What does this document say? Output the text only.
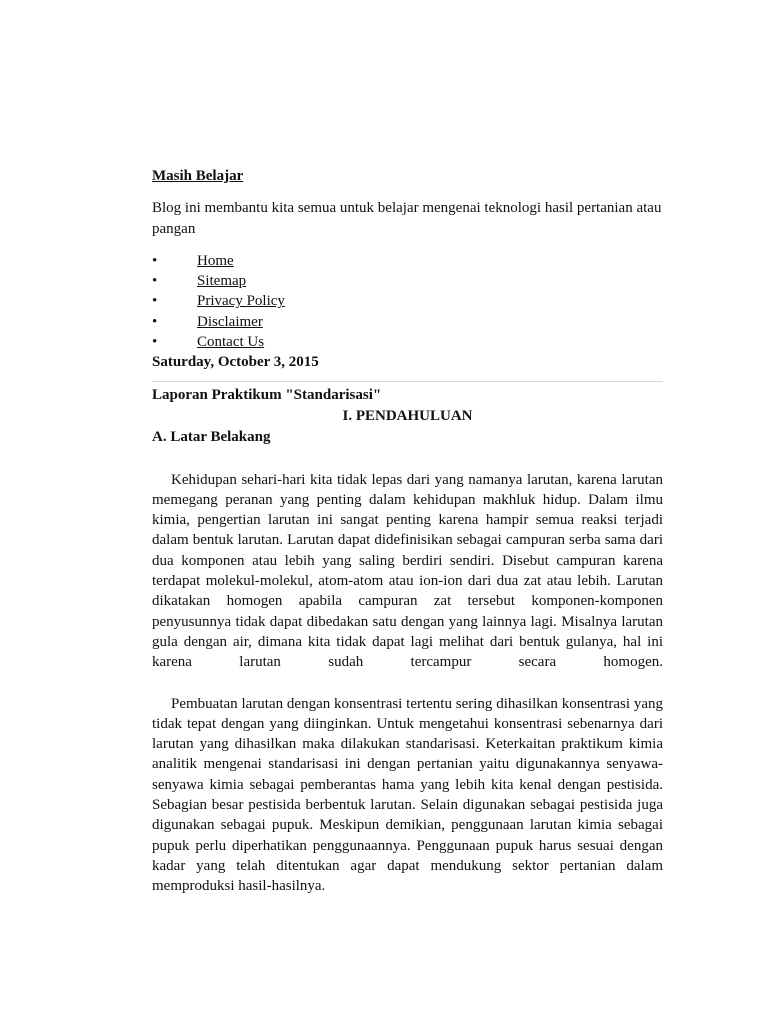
Masih Belajar
Blog ini membantu kita semua untuk belajar mengenai teknologi hasil pertanian atau pangan
•	Home
•	Sitemap
•	Privacy Policy
•	Disclaimer
•	Contact Us
Saturday, October 3, 2015
Laporan Praktikum "Standarisasi"
I. PENDAHULUAN
A. Latar Belakang

Kehidupan sehari-hari kita tidak lepas dari yang namanya larutan, karena larutan memegang peranan yang penting dalam kehidupan makhluk hidup. Dalam ilmu kimia, pengertian larutan ini sangat penting karena hampir semua reaksi terjadi dalam bentuk larutan. Larutan dapat didefinisikan sebagai campuran serba sama dari dua komponen atau lebih yang saling berdiri sendiri. Disebut campuran karena terdapat molekul-molekul, atom-atom atau ion-ion dari dua zat atau lebih. Larutan dikatakan homogen apabila campuran zat tersebut komponen-komponen penyusunnya tidak dapat dibedakan satu dengan yang lainnya lagi. Misalnya larutan gula dengan air, dimana kita tidak dapat lagi melihat dari bentuk gulanya, hal ini karena larutan sudah tercampur secara homogen.

Pembuatan larutan dengan konsentrasi tertentu sering dihasilkan konsentrasi yang tidak tepat dengan yang diinginkan. Untuk mengetahui konsentrasi sebenarnya dari larutan yang dihasilkan maka dilakukan standarisasi. Keterkaitan praktikum kimia analitik mengenai standarisasi ini dengan pertanian yaitu digunakannya senyawa-senyawa kimia sebagai pemberantas hama yang lebih kita kenal dengan pestisida. Sebagian besar pestisida berbentuk larutan. Selain digunakan sebagai pestisida juga digunakan sebagai pupuk. Meskipun demikian, penggunaan larutan kimia sebagai pupuk perlu diperhatikan penggunaannya. Penggunaan pupuk harus sesuai dengan kadar yang telah ditentukan agar dapat mendukung sektor pertanian dalam memproduksi hasil-hasilnya.
